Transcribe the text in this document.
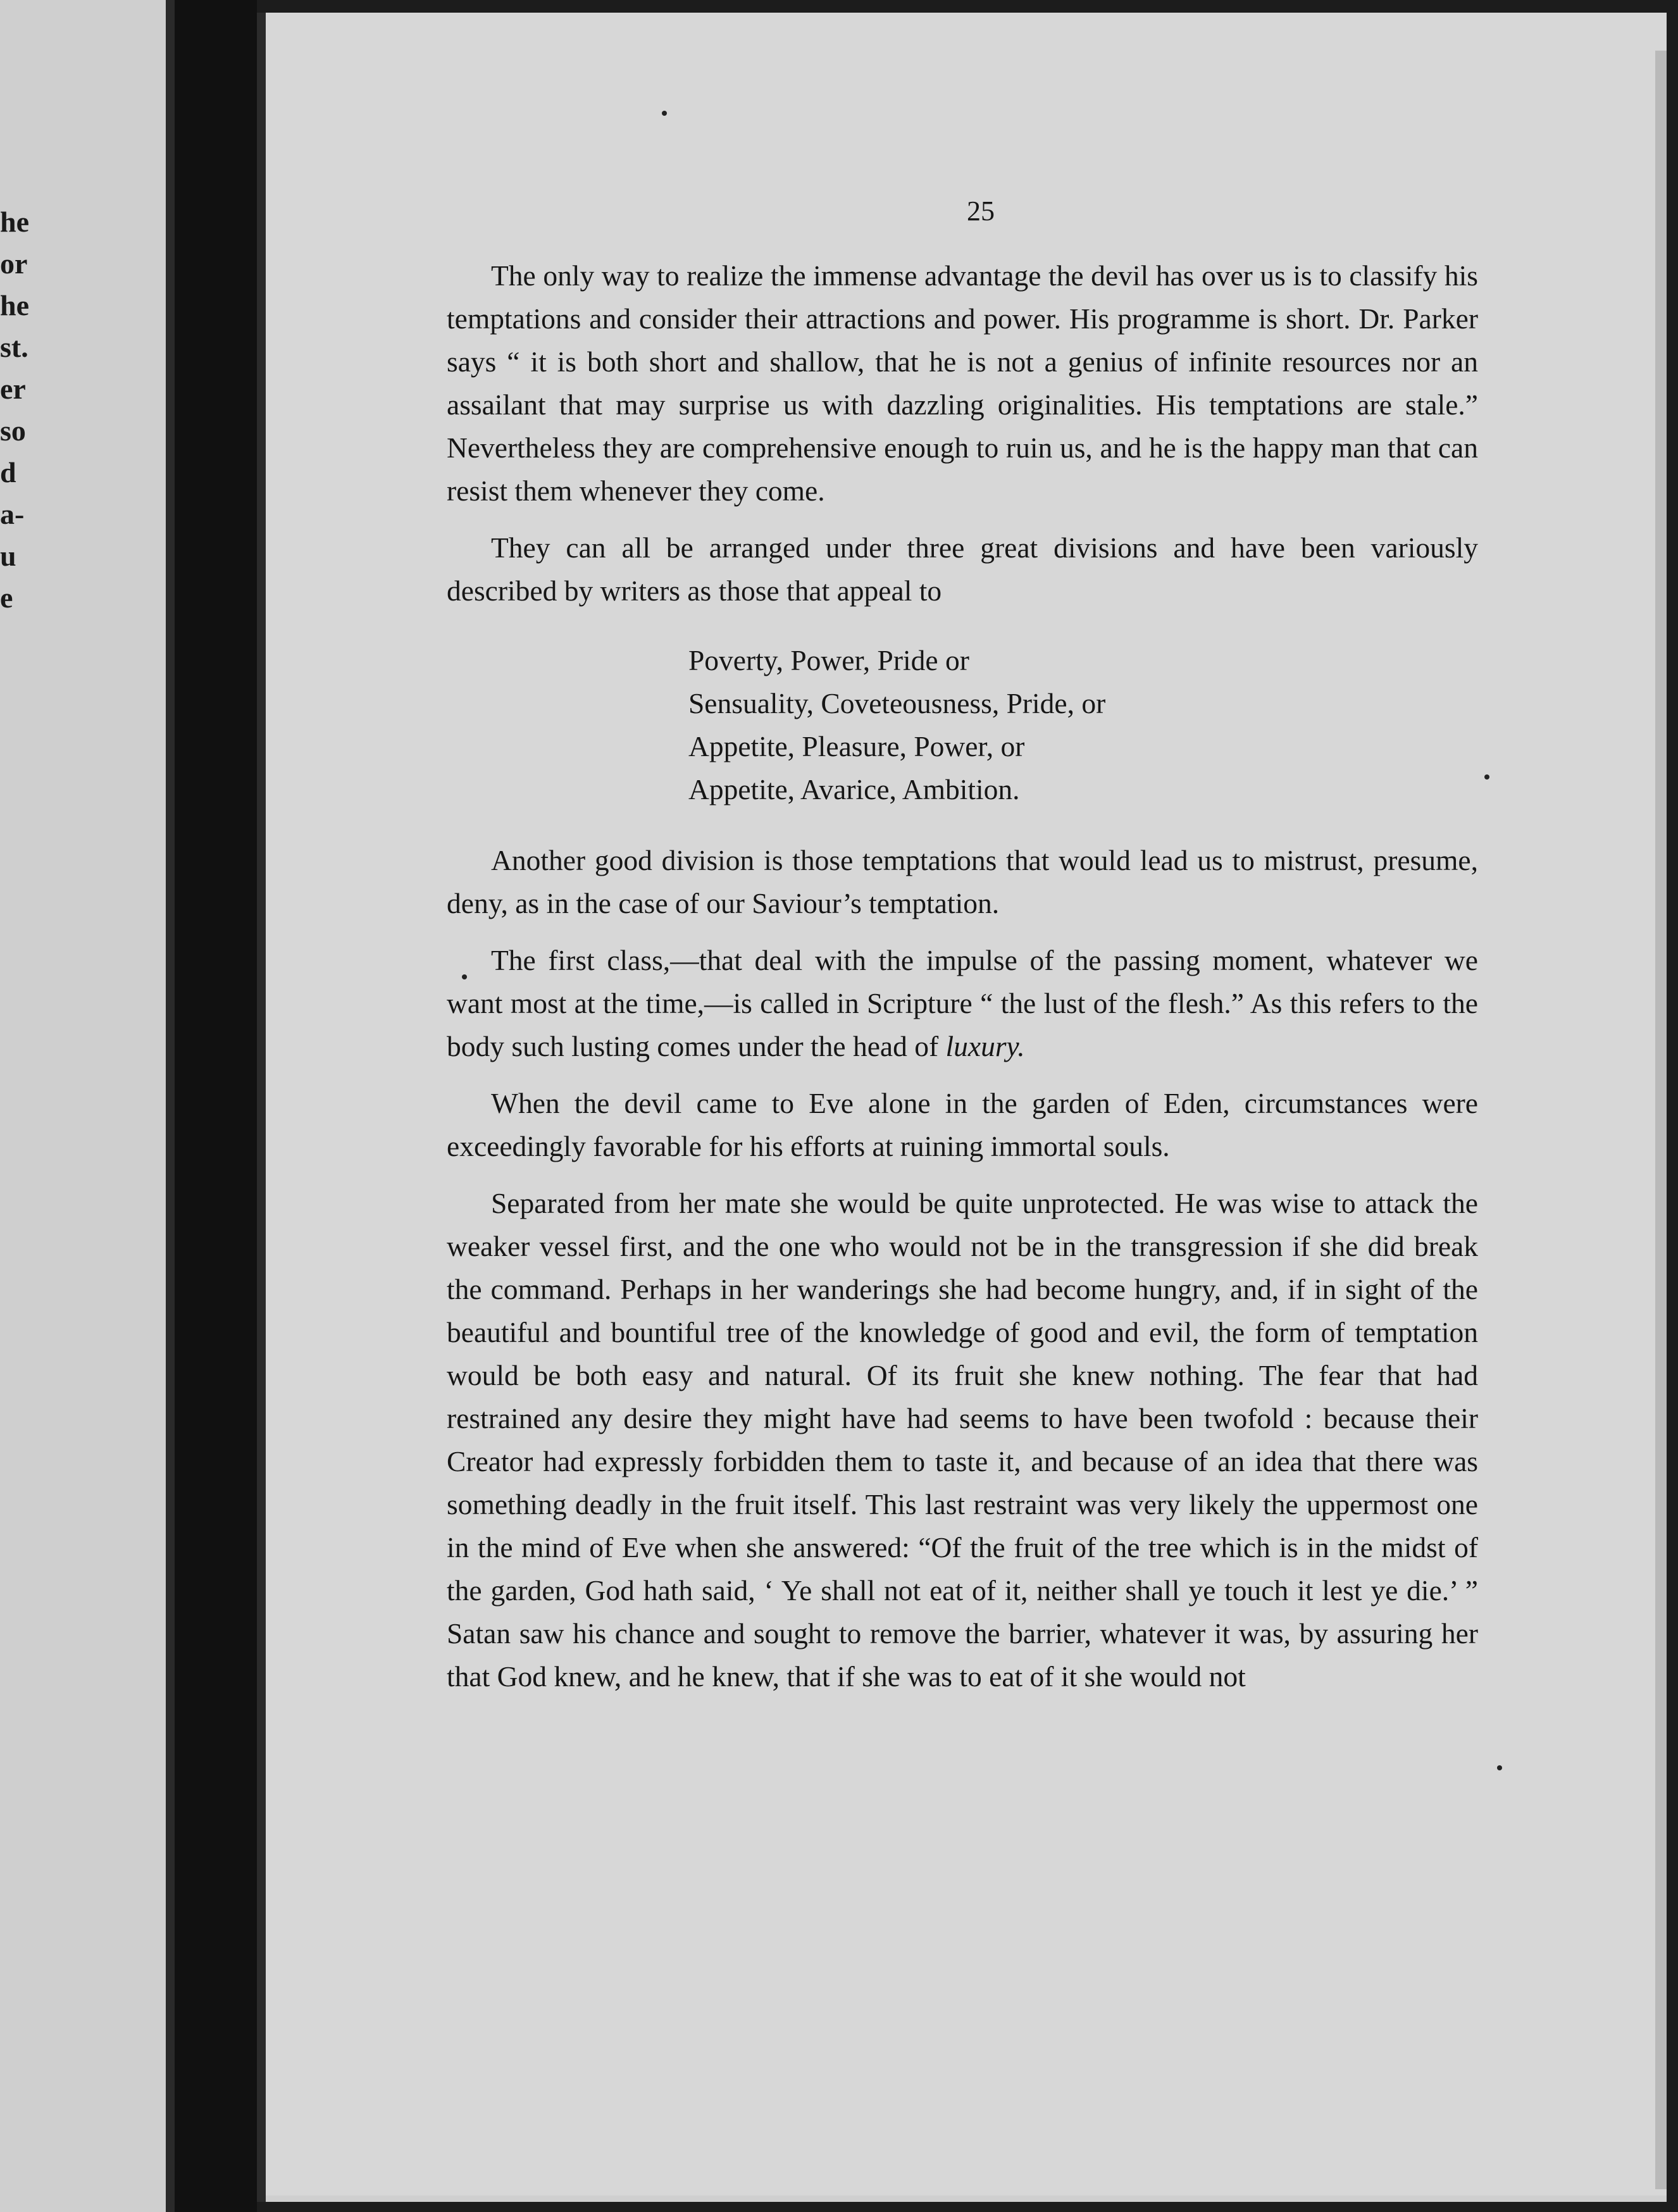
he
or
he
st.
er
so
d
a-
u
e
25

The only way to realize the immense advantage the devil has over us is to classify his temptations and consider their attractions and power. His programme is short. Dr. Parker says “ it is both short and shallow, that he is not a genius of infinite resources nor an assailant that may surprise us with dazzling originalities. His temptations are stale.” Nevertheless they are comprehensive enough to ruin us, and he is the happy man that can resist them whenever they come.

They can all be arranged under three great divisions and have been variously described by writers as those that appeal to

Poverty, Power, Pride or
Sensuality, Coveteousness, Pride, or
Appetite, Pleasure, Power, or
Appetite, Avarice, Ambition.

Another good division is those temptations that would lead us to mistrust, presume, deny, as in the case of our Saviour’s temptation.

The first class,—that deal with the impulse of the passing moment, whatever we want most at the time,—is called in Scripture “ the lust of the flesh.” As this refers to the body such lusting comes under the head of luxury.

When the devil came to Eve alone in the garden of Eden, circumstances were exceedingly favorable for his efforts at ruining immortal souls.

Separated from her mate she would be quite unprotected. He was wise to attack the weaker vessel first, and the one who would not be in the transgression if she did break the command. Perhaps in her wanderings she had become hungry, and, if in sight of the beautiful and bountiful tree of the knowledge of good and evil, the form of temptation would be both easy and natural. Of its fruit she knew nothing. The fear that had restrained any desire they might have had seems to have been twofold : because their Creator had expressly forbidden them to taste it, and because of an idea that there was something deadly in the fruit itself. This last restraint was very likely the uppermost one in the mind of Eve when she answered: “Of the fruit of the tree which is in the midst of the garden, God hath said, ‘ Ye shall not eat of it, neither shall ye touch it lest ye die.’ ” Satan saw his chance and sought to remove the barrier, whatever it was, by assuring her that God knew, and he knew, that if she was to eat of it she would not
